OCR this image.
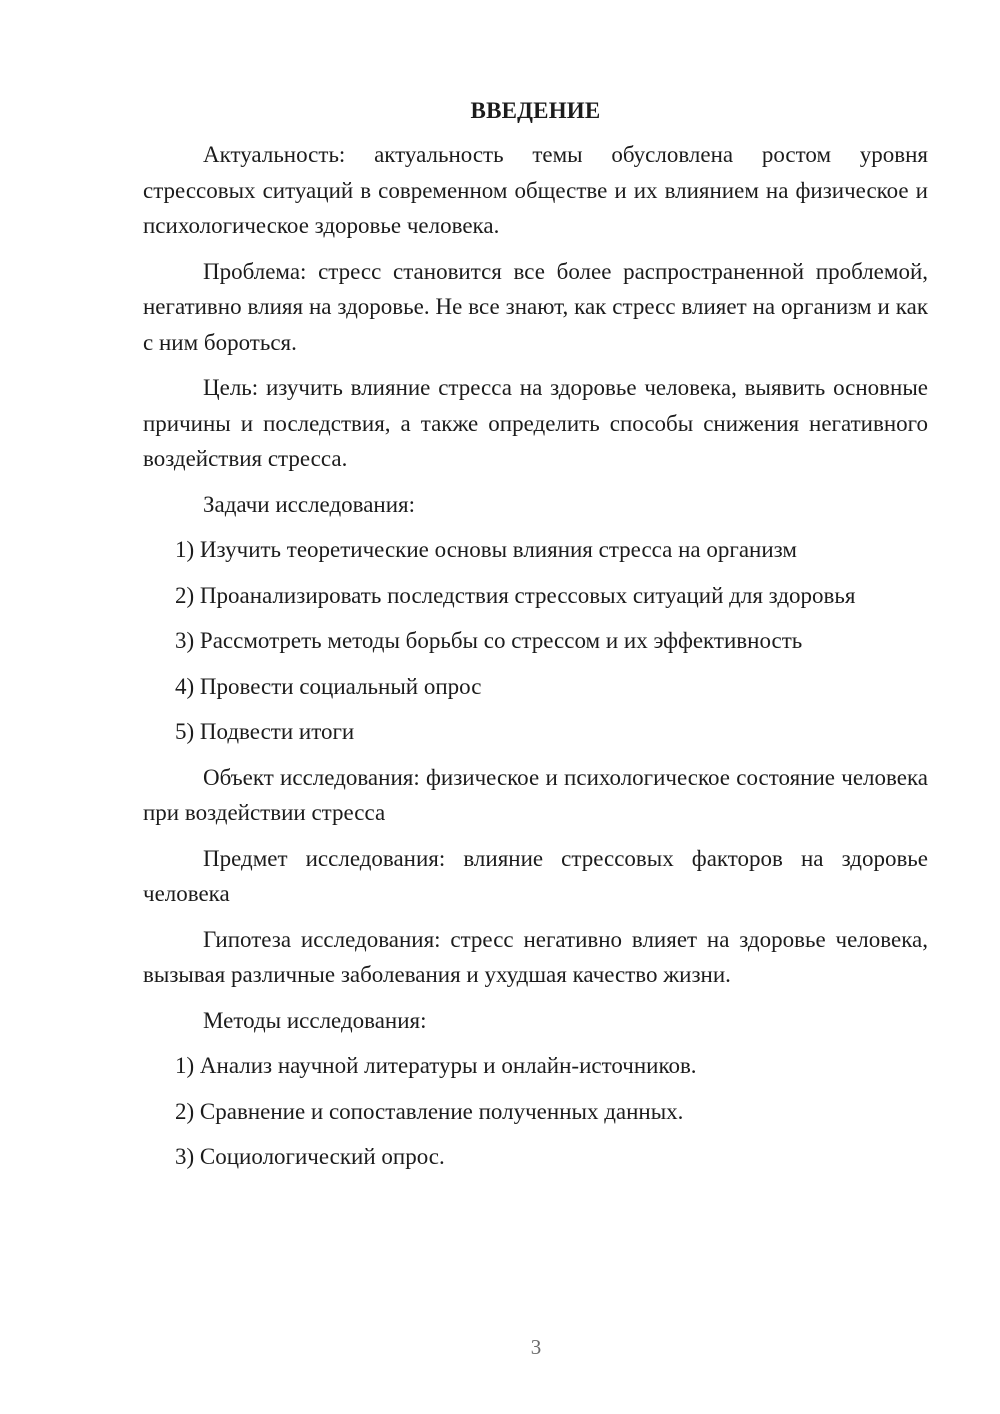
ВВЕДЕНИЕ

Актуальность: актуальность темы обусловлена ростом уровня стрессовых ситуаций в современном обществе и их влиянием на физическое и психологическое здоровье человека.

Проблема: стресс становится все более распространенной проблемой, негативно влияя на здоровье. Не все знают, как стресс влияет на организм и как с ним бороться.

Цель: изучить влияние стресса на здоровье человека, выявить основные причины и последствия, а также определить способы снижения негативного воздействия стресса.

Задачи исследования:

1) Изучить теоретические основы влияния стресса на организм
2) Проанализировать последствия стрессовых ситуаций для здоровья
3) Рассмотреть методы борьбы со стрессом и их эффективность
4) Провести социальный опрос
5) Подвести итоги

Объект исследования: физическое и психологическое состояние человека при воздействии стресса

Предмет исследования: влияние стрессовых факторов на здоровье человека

Гипотеза исследования: стресс негативно влияет на здоровье человека, вызывая различные заболевания и ухудшая качество жизни.

Методы исследования:

1) Анализ научной литературы и онлайн-источников.
2) Сравнение и сопоставление полученных данных.
3) Социологический опрос.
3
